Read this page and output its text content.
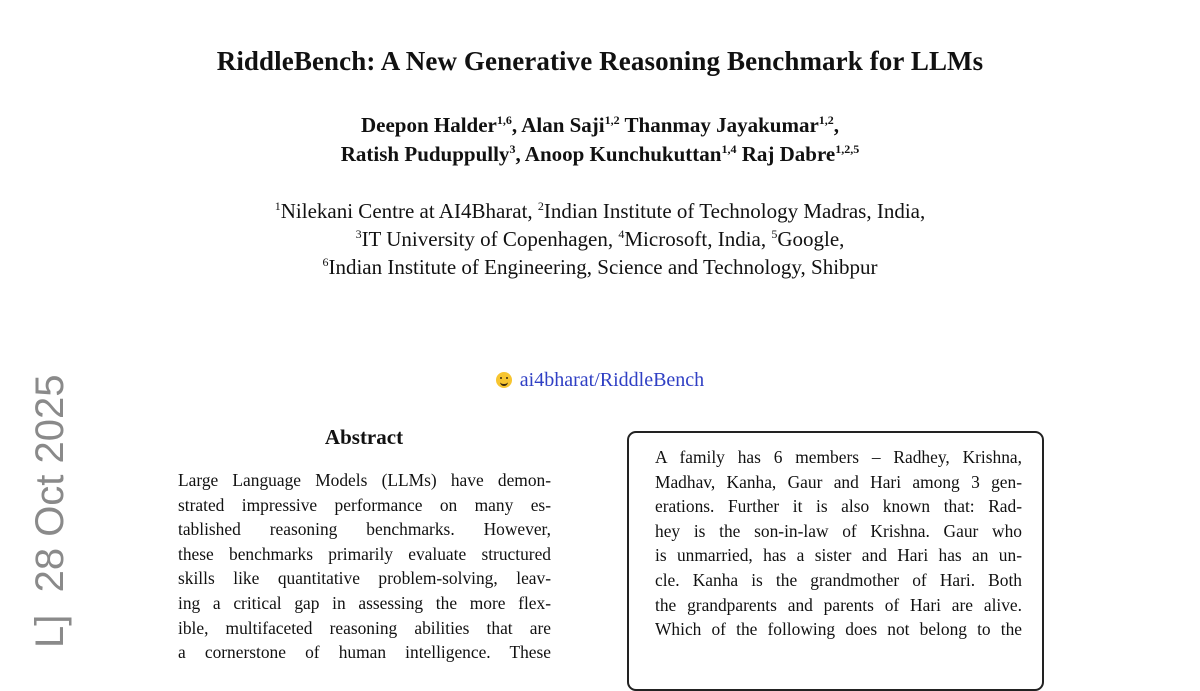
RiddleBench: A New Generative Reasoning Benchmark for LLMs
Deepon Halder$^{1,6}$, Alan Saji$^{1,2}$ Thanmay Jayakumar$^{1,2}$,
Ratish Puduppully$^3$, Anoop Kunchukuttan$^{1,4}$ Raj Dabre$^{1,2,5}$
$^1$Nilekani Centre at AI4Bharat, $^2$Indian Institute of Technology Madras, India,
$^3$IT University of Copenhagen, $^4$Microsoft, India, $^5$Google,
$^6$Indian Institute of Engineering, Science and Technology, Shibpur
ai4bharat/RiddleBench
L]  28 Oct 2025	Abstract
Large Language Models (LLMs) have demon-
strated impressive performance on many es-
tablished reasoning benchmarks. However,
these benchmarks primarily evaluate structured
skills like quantitative problem-solving, leav-
ing a critical gap in assessing the more flex-
ible, multifaceted reasoning abilities that are
a cornerstone of human intelligence. These
A family has 6 members – Radhey, Krishna,
Madhav, Kanha, Gaur and Hari among 3 gen-
erations. Further it is also known that: Rad-
hey is the son-in-law of Krishna. Gaur who
is unmarried, has a sister and Hari has an un-
cle. Kanha is the grandmother of Hari. Both
the grandparents and parents of Hari are alive.
Which of the following does not belong to the
